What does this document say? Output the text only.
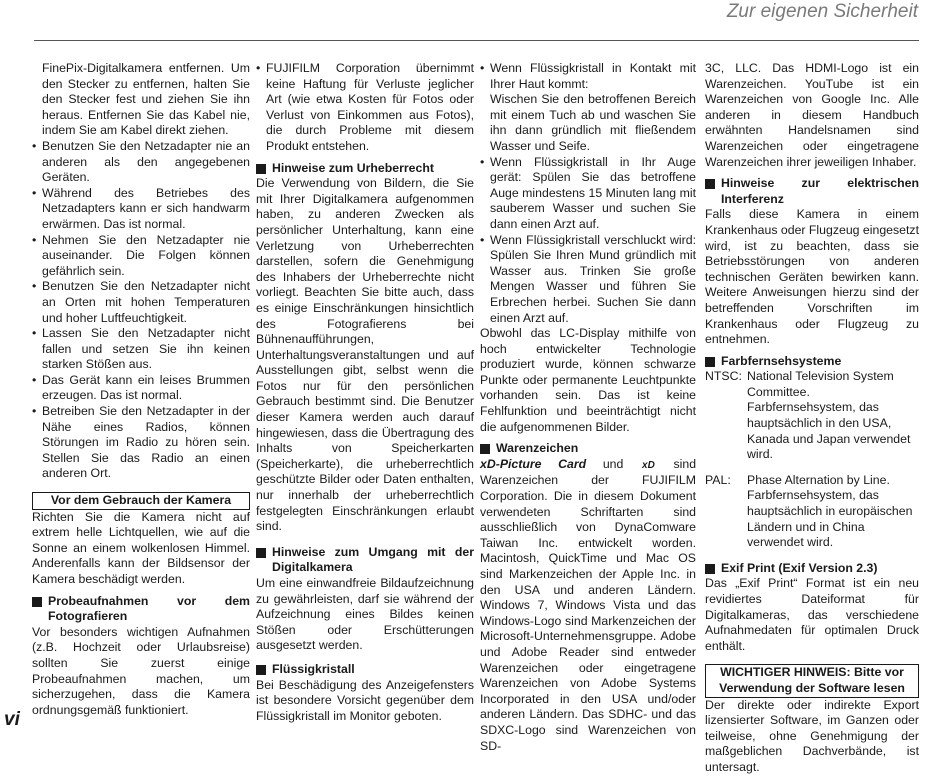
Zur eigenen Sicherheit

FinePix-Digitalkamera entfernen. Um den Stecker zu entfernen, halten Sie den Stecker fest und ziehen Sie ihn heraus. Entfernen Sie das Kabel nie, indem Sie am Kabel direkt ziehen.

• Benutzen Sie den Netzadapter nie an anderen als den angegebenen Geräten.
• Während des Betriebes des Netzadapters kann er sich handwarm erwärmen. Das ist normal.
• Nehmen Sie den Netzadapter nie auseinander. Die Folgen können gefährlich sein.
• Benutzen Sie den Netzadapter nicht an Orten mit hohen Temperaturen und hoher Luftfeuchtigkeit.
• Lassen Sie den Netzadapter nicht fallen und setzen Sie ihn keinen starken Stößen aus.
• Das Gerät kann ein leises Brummen erzeugen. Das ist normal.
• Betreiben Sie den Netzadapter in der Nähe eines Radios, können Störungen im Radio zu hören sein. Stellen Sie das Radio an einen anderen Ort.
Vor dem Gebrauch der Kamera

Richten Sie die Kamera nicht auf extrem helle Lichtquellen, wie auf die Sonne an einem wolkenlosen Himmel. Anderenfalls kann der Bildsensor der Kamera beschädigt werden.

Probeaufnahmen vor dem Fotografieren

Vor besonders wichtigen Aufnahmen (z.B. Hochzeit oder Urlaubsreise) sollten Sie zuerst einige Probeaufnahmen machen, um sicherzugehen, dass die Kamera ordnungsgemäß funktioniert.

• FUJIFILM Corporation übernimmt keine Haftung für Verluste jeglicher Art (wie etwa Kosten für Fotos oder Verlust von Einkommen aus Fotos), die durch Probleme mit diesem Produkt entstehen.
Hinweise zum Urheberrecht

Die Verwendung von Bildern, die Sie mit Ihrer Digitalkamera aufgenommen haben, zu anderen Zwecken als persönlicher Unterhaltung, kann eine Verletzung von Urheberrechten darstellen, sofern die Genehmigung des Inhabers der Urheberrechte nicht vorliegt. Beachten Sie bitte auch, dass es einige Einschränkungen hinsichtlich des Fotografierens bei Bühnenaufführungen, Unterhaltungsveranstaltungen und auf Ausstellungen gibt, selbst wenn die Fotos nur für den persönlichen Gebrauch bestimmt sind. Die Benutzer dieser Kamera werden auch darauf hingewiesen, dass die Übertragung des Inhalts von Speicherkarten (Speicherkarte), die urheberrechtlich geschützte Bilder oder Daten enthalten, nur innerhalb der urheberrechtlich festgelegten Einschränkungen erlaubt sind.

Hinweise zum Umgang mit der Digitalkamera

Um eine einwandfreie Bildaufzeichnung zu gewährleisten, darf sie während der Aufzeichnung eines Bildes keinen Stößen oder Erschütterungen ausgesetzt werden.

Flüssigkristall

Bei Beschädigung des Anzeigefensters ist besondere Vorsicht gegenüber dem Flüssigkristall im Monitor geboten.

• Wenn Flüssigkristall in Kontakt mit Ihrer Haut kommt:
Wischen Sie den betroffenen Bereich mit einem Tuch ab und waschen Sie ihn dann gründlich mit fließendem Wasser und Seife.
• Wenn Flüssigkristall in Ihr Auge gerät: Spülen Sie das betroffene Auge mindestens 15 Minuten lang mit sauberem Wasser und suchen Sie dann einen Arzt auf.
• Wenn Flüssigkristall verschluckt wird: Spülen Sie Ihren Mund gründlich mit Wasser aus. Trinken Sie große Mengen Wasser und führen Sie Erbrechen herbei. Suchen Sie dann einen Arzt auf.

Obwohl das LC-Display mithilfe von hoch entwickelter Technologie produziert wurde, können schwarze Punkte oder permanente Leuchtpunkte vorhanden sein. Das ist keine Fehlfunktion und beeinträchtigt nicht die aufgenommenen Bilder.

Warenzeichen

xD-Picture Card und xD sind Warenzeichen der FUJIFILM Corporation. Die in diesem Dokument verwendeten Schriftarten sind ausschließlich von DynaComware Taiwan Inc. entwickelt worden. Macintosh, QuickTime und Mac OS sind Markenzeichen der Apple Inc. in den USA und anderen Ländern. Windows 7, Windows Vista und das Windows-Logo sind Markenzeichen der Microsoft-Unternehmensgruppe. Adobe und Adobe Reader sind entweder Warenzeichen oder eingetragene Warenzeichen von Adobe Systems Incorporated in den USA und/oder anderen Ländern. Das SDHC- und das SDXC-Logo sind Warenzeichen von SD-

3C, LLC. Das HDMI-Logo ist ein Warenzeichen. YouTube ist ein Warenzeichen von Google Inc. Alle anderen in diesem Handbuch erwähnten Handelsnamen sind Warenzeichen oder eingetragene Warenzeichen ihrer jeweiligen Inhaber.

Hinweise zur elektrischen Interferenz

Falls diese Kamera in einem Krankenhaus oder Flugzeug eingesetzt wird, ist zu beachten, dass sie Betriebsstörungen von anderen technischen Geräten bewirken kann. Weitere Anweisungen hierzu sind der betreffenden Vorschriften im Krankenhaus oder Flugzeug zu entnehmen.

Farbfernsehsysteme
NTSC: National Television System Committee. Farbfernsehsystem, das hauptsächlich in den USA, Kanada und Japan verwendet wird.
PAL:	Phase Alternation by Line. Farbfernsehsystem, das hauptsächlich in europäischen Ländern und in China verwendet wird.
Exif Print (Exif Version 2.3)

Das „Exif Print“ Format ist ein neu revidiertes Dateiformat für Digitalkameras, das verschiedene Aufnahmedaten für optimalen Druck enthält.

WICHTIGER HINWEIS: Bitte vor Verwendung der Software lesen

Der direkte oder indirekte Export lizensierter Software, im Ganzen oder teilweise, ohne Genehmigung der maßgeblichen Dachverbände, ist untersagt.

vi
